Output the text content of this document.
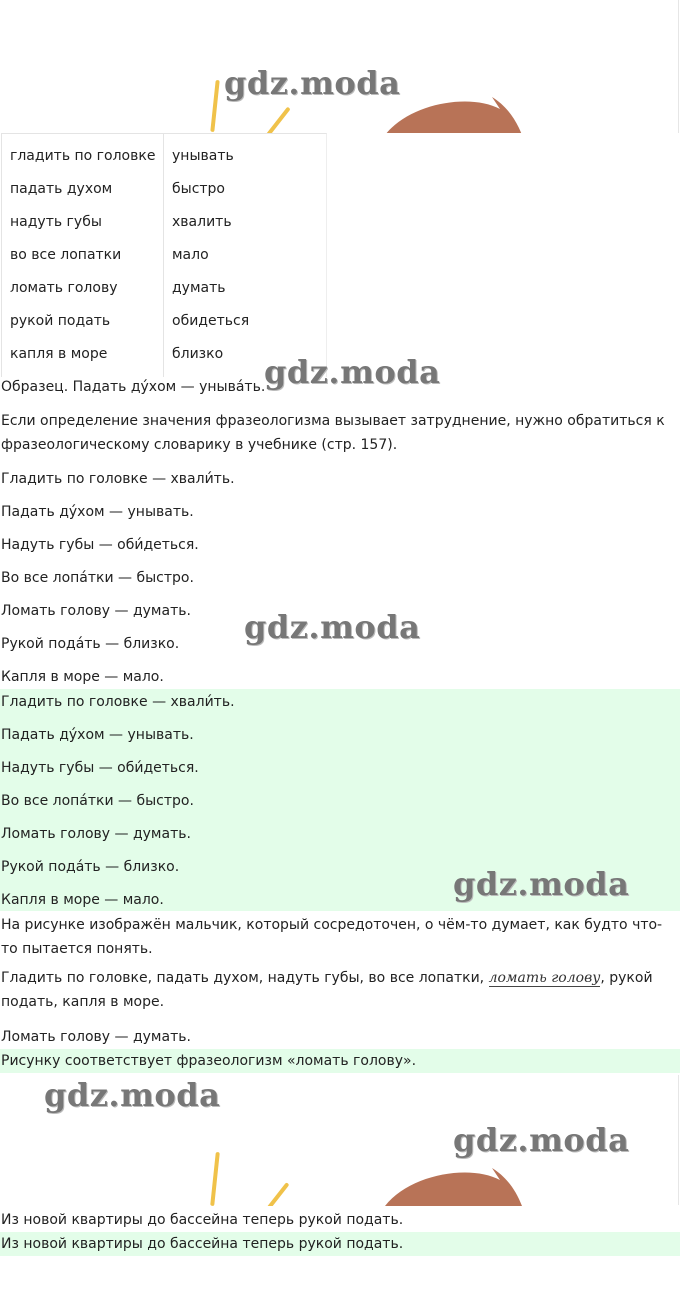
gdz.moda
гладить по головке
падать духом
надуть губы
во все лопатки
ломать голову
рукой подать
капля в море
унывать
быстро
хвалить
мало
думать
обидеться
близко
Образец. Падать ду́хом — уныва́ть.
gdz.moda
Если определение значения фразеологизма вызывает затруднение, нужно обратиться к фразеологическому словарику в учебнике (стр. 157).
Гладить по головке — хвали́ть.
Падать ду́хом — унывать.
Надуть губы — оби́деться.
Во все лопа́тки — быстро.
Ломать голову — думать.
Рукой пода́ть — близко.
Капля в море — мало.
gdz.moda
Гладить по головке — хвали́ть.
Падать ду́хом — унывать.
Надуть губы — оби́деться.
Во все лопа́тки — быстро.
Ломать голову — думать.
Рукой пода́ть — близко.
Капля в море — мало.	gdz.moda
На рисунке изображён мальчик, который сосредоточен, о чём-то думает, как будто что-то пытается понять.
Гладить по головке, падать духом, надуть губы, во все лопатки, ломать голову, рукой подать, капля в море.
Ломать голову — думать.
Рисунку соответствует фразеологизм «ломать голову».
gdz.moda
gdz.moda
Из новой квартиры до бассейна теперь рукой подать.
Из новой квартиры до бассейна теперь рукой подать.
